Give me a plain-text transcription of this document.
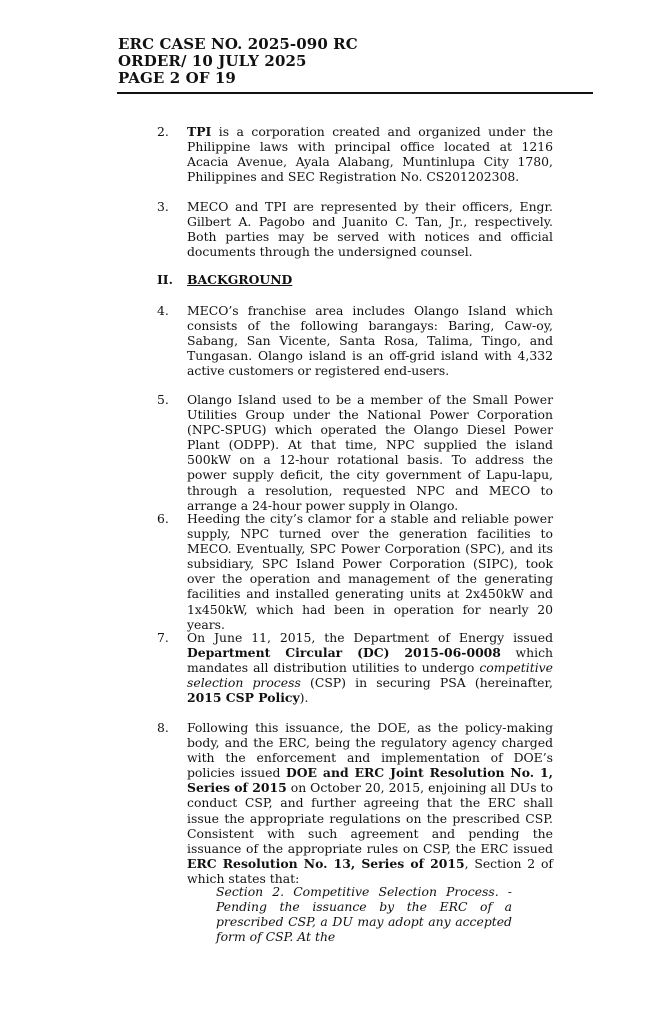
ERC CASE NO. 2025-090 RC
ORDER/ 10 JULY 2025
PAGE 2 OF 19
2.	TPI is a corporation created and organized under the Philippine laws with principal office located at 1216 Acacia Avenue, Ayala Alabang, Muntinlupa City 1780, Philippines and SEC Registration No. CS201202308.
3.	MECO and TPI are represented by their officers, Engr. Gilbert A. Pagobo and Juanito C. Tan, Jr., respectively. Both parties may be served with notices and official documents through the undersigned counsel.
II.	BACKGROUND
4.	MECO’s franchise area includes Olango Island which consists of the following barangays: Baring, Caw-oy, Sabang, San Vicente, Santa Rosa, Talima, Tingo, and Tungasan. Olango island is an off-grid island with 4,332 active customers or registered end-users.
5.	Olango Island used to be a member of the Small Power Utilities Group under the National Power Corporation (NPC-SPUG) which operated the Olango Diesel Power Plant (ODPP). At that time, NPC supplied the island 500kW on a 12-hour rotational basis. To address the power supply deficit, the city government of Lapu-lapu, through a resolution, requested NPC and MECO to arrange a 24-hour power supply in Olango.
6.	Heeding the city’s clamor for a stable and reliable power supply, NPC turned over the generation facilities to MECO. Eventually, SPC Power Corporation (SPC), and its subsidiary, SPC Island Power Corporation (SIPC), took over the operation and management of the generating facilities and installed generating units at 2x450kW and 1x450kW, which had been in operation for nearly 20 years.
7.	On June 11, 2015, the Department of Energy issued Department Circular (DC) 2015-06-0008 which mandates all distribution utilities to undergo competitive selection process (CSP) in securing PSA (hereinafter, 2015 CSP Policy).
8.	Following this issuance, the DOE, as the policy-making body, and the ERC, being the regulatory agency charged with the enforcement and implementation of DOE’s policies issued DOE and ERC Joint Resolution No. 1, Series of 2015 on October 20, 2015, enjoining all DUs to conduct CSP, and further agreeing that the ERC shall issue the appropriate regulations on the prescribed CSP. Consistent with such agreement and pending the issuance of the appropriate rules on CSP, the ERC issued ERC Resolution No. 13, Series of 2015, Section 2 of which states that:
Section 2. Competitive Selection Process. - Pending the issuance by the ERC of a prescribed CSP, a DU may adopt any accepted form of CSP. At the
